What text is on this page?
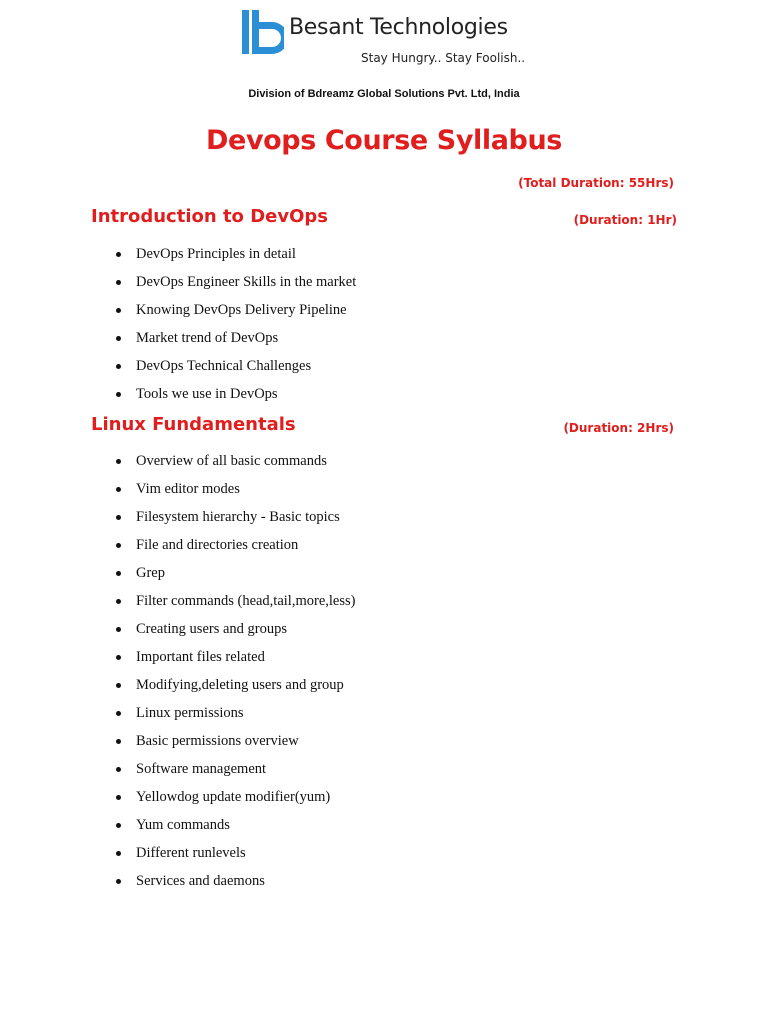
Besant Technologies
Stay Hungry.. Stay Foolish..
Division of Bdreamz Global Solutions Pvt. Ltd, India
Devops Course Syllabus
(Total Duration: 55Hrs)
Introduction to DevOps	(Duration: 1Hr)
DevOps Principles in detail
DevOps Engineer Skills in the market
Knowing DevOps Delivery Pipeline
Market trend of DevOps
DevOps Technical Challenges
Tools we use in DevOps
Linux Fundamentals	(Duration: 2Hrs)
Overview of all basic commands
Vim editor modes
Filesystem hierarchy - Basic topics
File and directories creation
Grep
Filter commands (head,tail,more,less)
Creating users and groups
Important files related
Modifying,deleting users and group
Linux permissions
Basic permissions overview
Software management
Yellowdog update modifier(yum)
Yum commands
Different runlevels
Services and daemons
